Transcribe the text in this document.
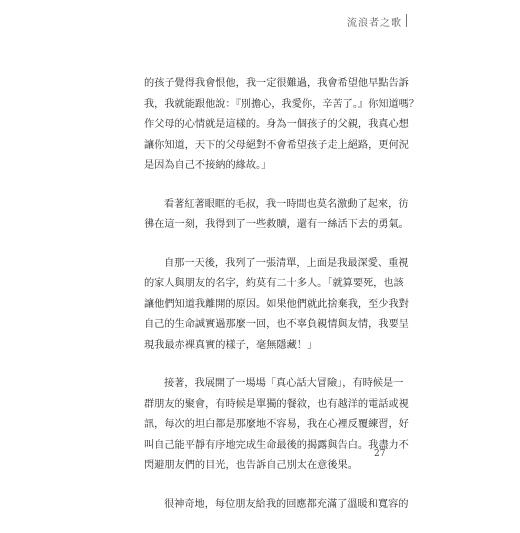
流浪者之歌

的孩子覺得我會恨他，我一定很難過，我會希望他早點告訴
我，我就能跟他說：『別擔心，我愛你，辛苦了。』你知道嗎？
作父母的心情就是這樣的。身為一個孩子的父親，我真心想
讓你知道，天下的父母絕對不會希望孩子走上絕路，更何況
是因為自己不接納的緣故。」

看著紅著眼眶的毛叔，我一時間也莫名激動了起來，彷
彿在這一刻，我得到了一些救贖，還有一絲活下去的勇氣。

自那一天後，我列了一張清單，上面是我最深愛、重視
的家人與朋友的名字，約莫有二十多人。「就算要死，也該
讓他們知道我離開的原因。如果他們就此捨棄我，至少我對
自己的生命誠實過那麼一回，也不辜負親情與友情，我要呈
現我最赤裸真實的樣子，毫無隱藏！」

接著，我展開了一場場「真心話大冒險」，有時候是一
群朋友的聚會，有時候是單獨的餐敘，也有越洋的電話或視
訊，每次的坦白都是那麼地不容易，我在心裡反覆練習，好
叫自己能平靜有序地完成生命最後的揭露與告白。我盡力不
閃避朋友們的目光，也告訴自己別太在意後果。

很神奇地，每位朋友給我的回應都充滿了溫暖和寬容的

27
